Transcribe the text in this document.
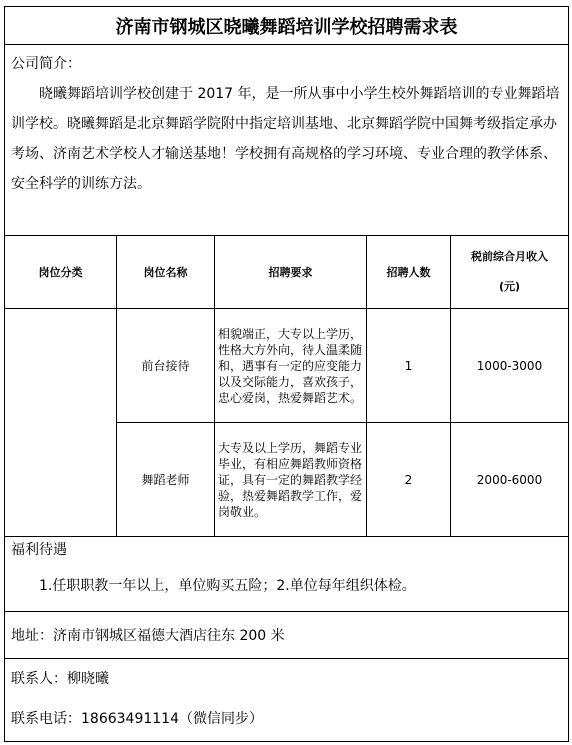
济南市钢城区晓曦舞蹈培训学校招聘需求表				

公司简介：
晓曦舞蹈培训学校创建于 2017 年，是一所从事中小学生校外舞蹈培训的专业舞蹈培训学校。晓曦舞蹈是北京舞蹈学院附中指定培训基地、北京舞蹈学院中国舞考级指定承办考场、济南艺术学校人才输送基地！学校拥有高规格的学习环境、专业合理的教学体系、安全科学的训练方法。				

岗位分类	岗位名称	招聘要求	招聘人数	税前综合月收入
(元)
	前台接待	相貌端正，大专以上学历，性格大方外向，待人温柔随和，遇事有一定的应变能力以及交际能力，喜欢孩子，忠心爱岗，热爱舞蹈艺术。	1	1000-3000
	舞蹈老师	大专及以上学历，舞蹈专业毕业，有相应舞蹈教师资格证，具有一定的舞蹈教学经验，热爱舞蹈教学工作，爱岗敬业。	2	2000-6000
福利待遇
1.任职职教一年以上，单位购买五险；2.单位每年组织体检。				

地址：济南市钢城区福德大酒店往东 200 米				

联系人：柳晓曦
联系电话：18663491114（微信同步）				
